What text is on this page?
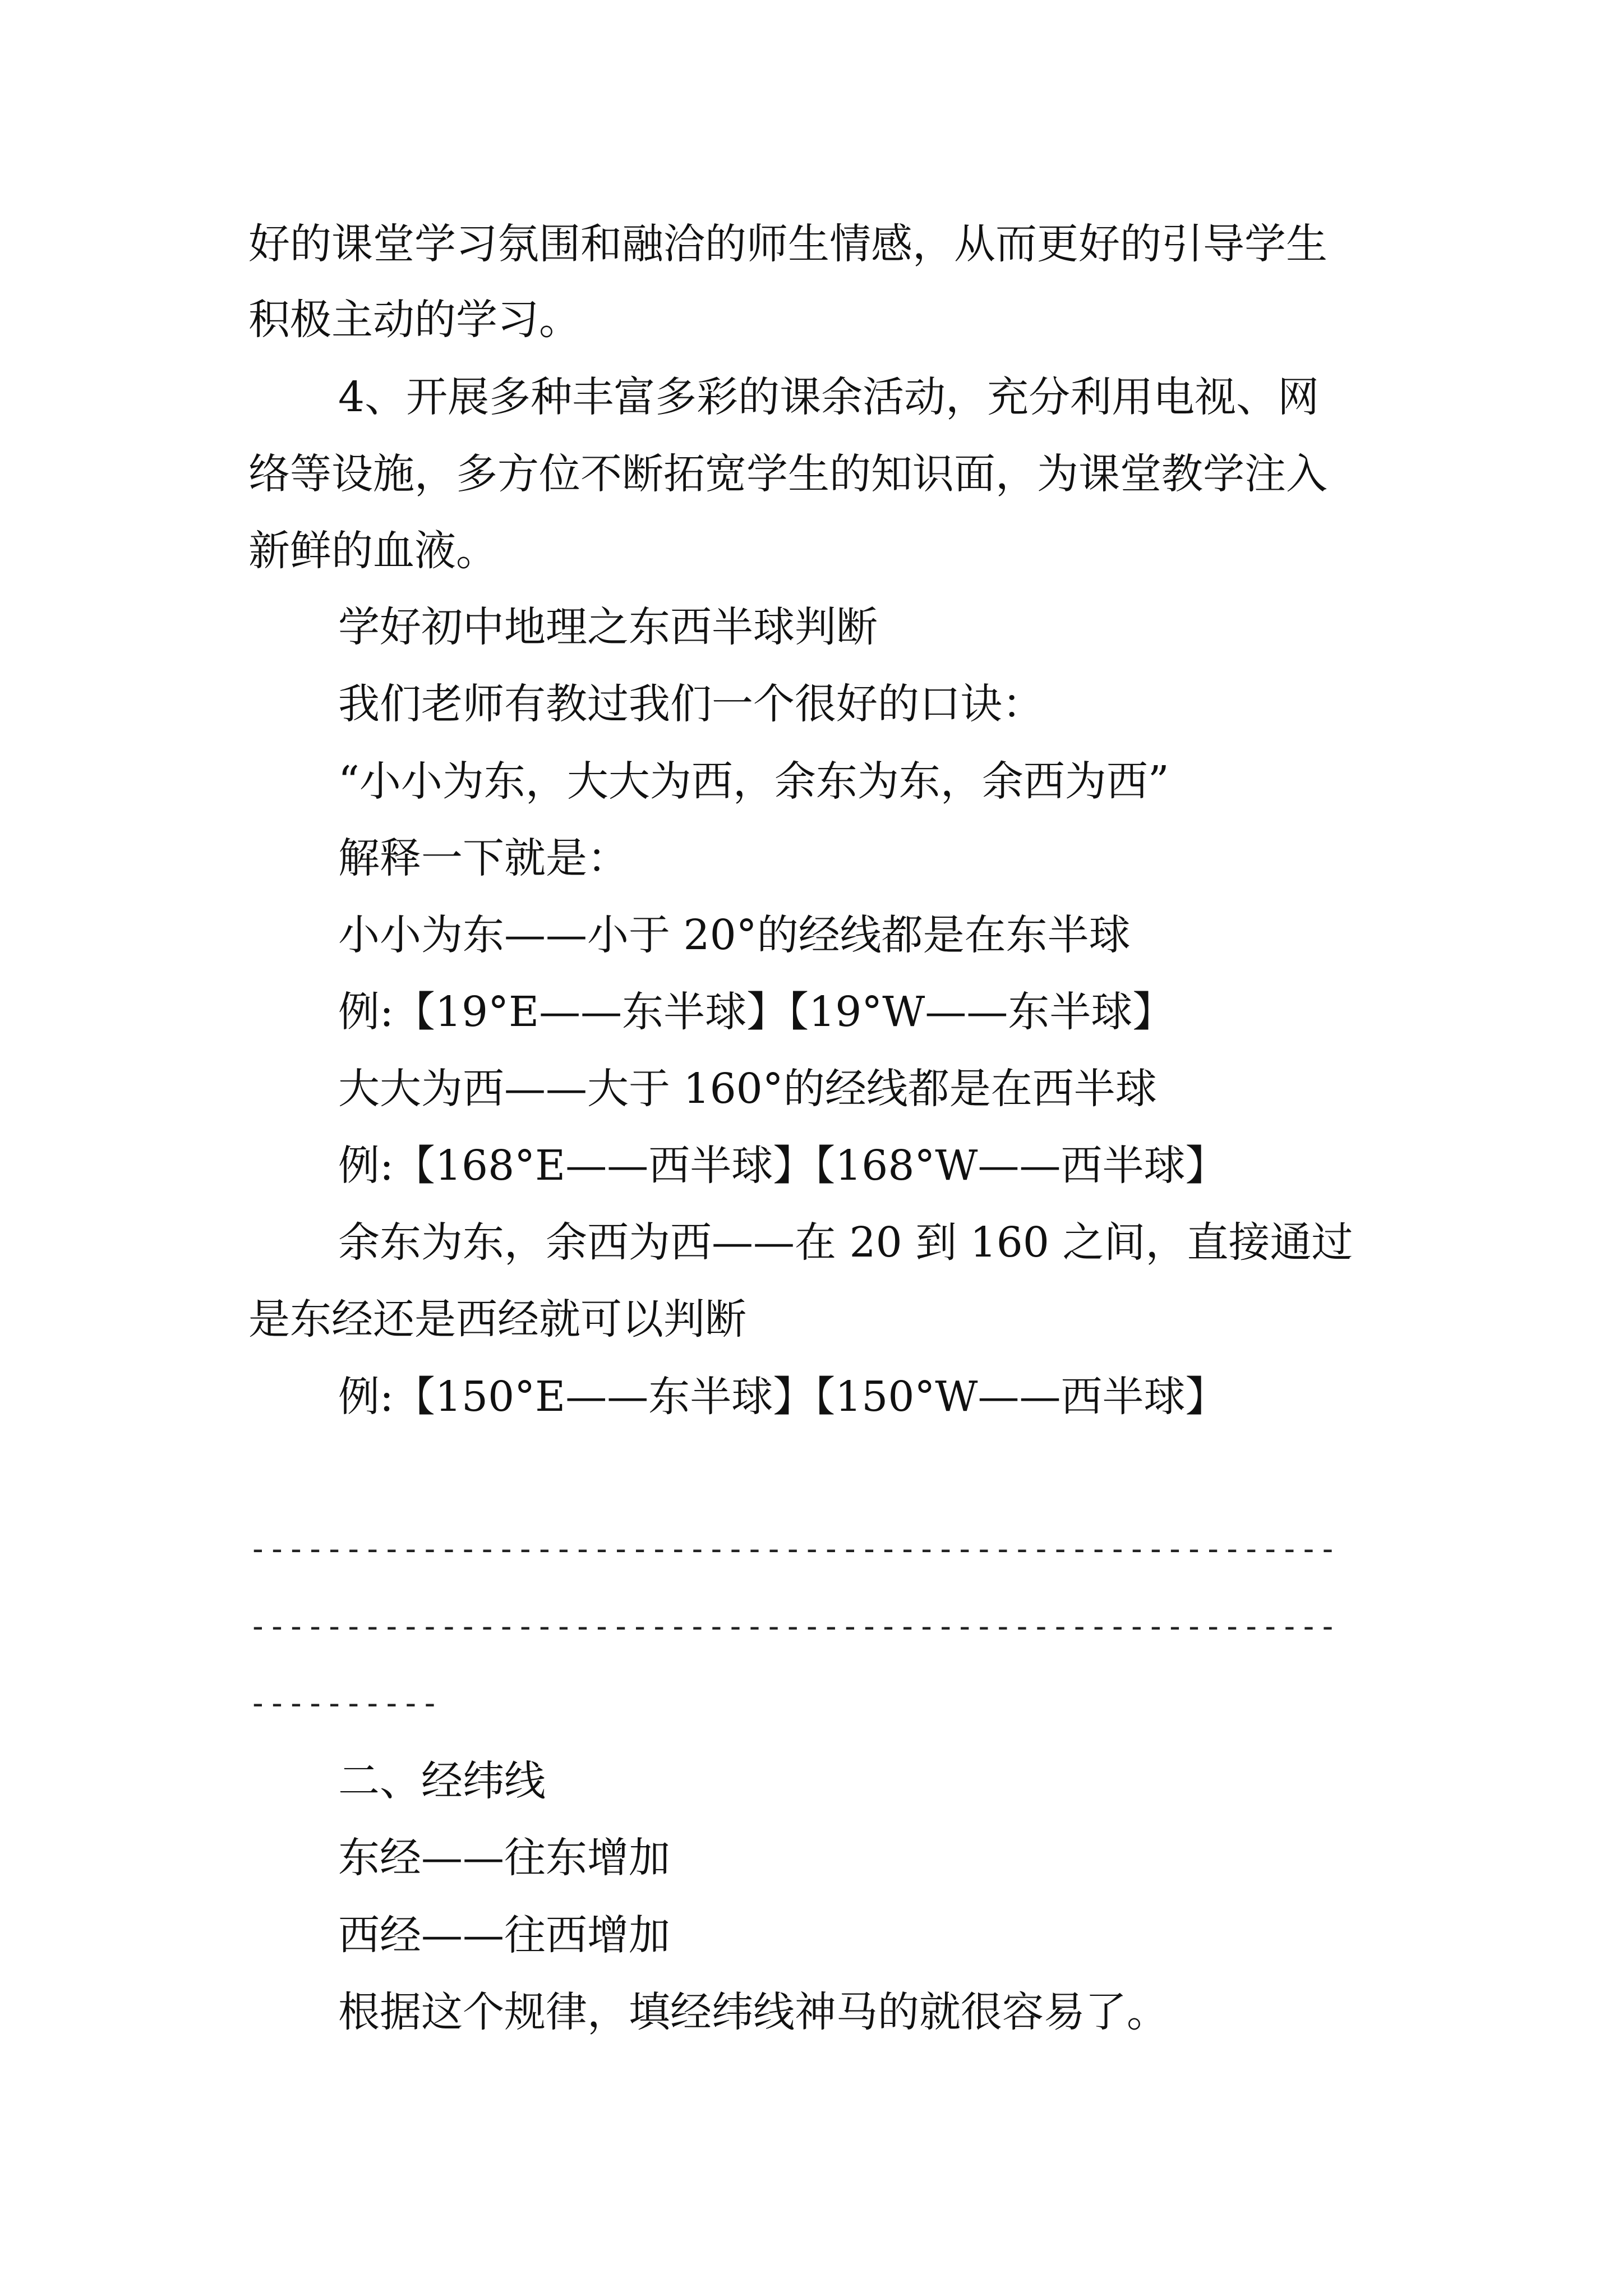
好的课堂学习氛围和融洽的师生情感，从而更好的引导学生
积极主动的学习。
4、开展多种丰富多彩的课余活动，充分利用电视、网
络等设施，多方位不断拓宽学生的知识面，为课堂教学注入
新鲜的血液。
学好初中地理之东西半球判断
我们老师有教过我们一个很好的口诀：
“小小为东，大大为西，余东为东，余西为西”
解释一下就是：
小小为东——小于 20°的经线都是在东半球
例:【19°E——东半球】【19°W——东半球】
大大为西——大于 160°的经线都是在西半球
例:【168°E——西半球】【168°W——西半球】
余东为东，余西为西——在 20 到 160 之间，直接通过
是东经还是西经就可以判断
例:【150°E——东半球】【150°W——西半球】
---------------------------------------------------------
---------------------------------------------------------
----------
二、经纬线
东经——往东增加
西经——往西增加
根据这个规律，填经纬线神马的就很容易了。
